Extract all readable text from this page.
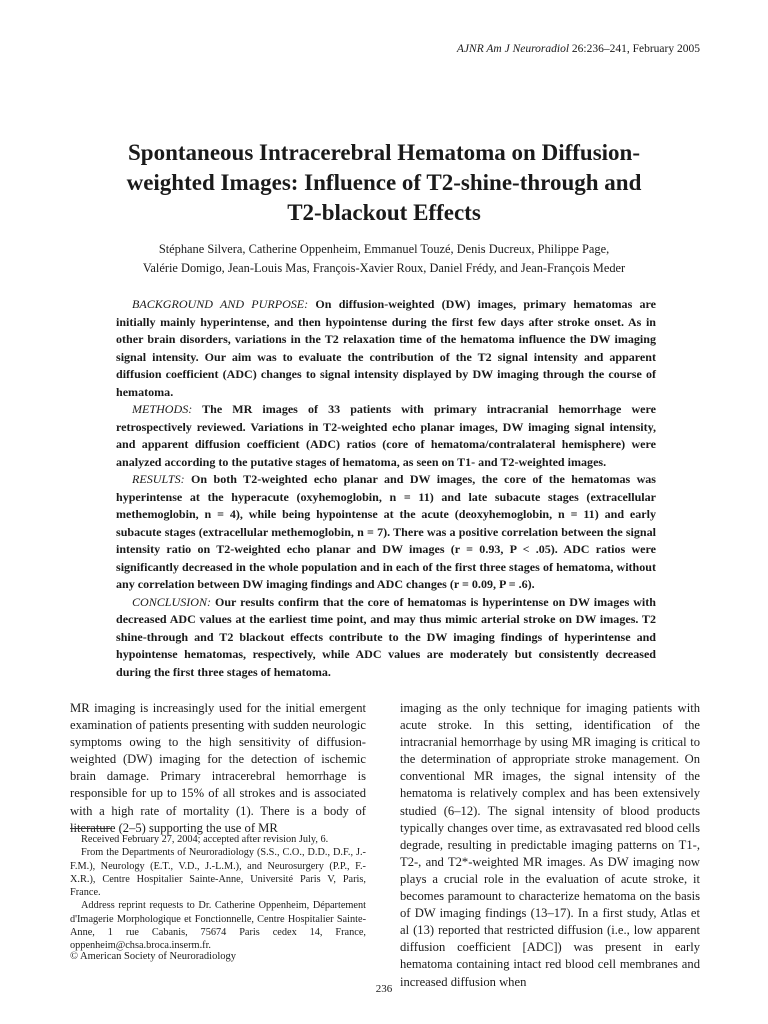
AJNR Am J Neuroradiol 26:236–241, February 2005
Spontaneous Intracerebral Hematoma on Diffusion-weighted Images: Influence of T2-shine-through and T2-blackout Effects
Stéphane Silvera, Catherine Oppenheim, Emmanuel Touzé, Denis Ducreux, Philippe Page,
Valérie Domigo, Jean-Louis Mas, François-Xavier Roux, Daniel Frédy, and Jean-François Meder

BACKGROUND AND PURPOSE: On diffusion-weighted (DW) images, primary hematomas are initially mainly hyperintense, and then hypointense during the first few days after stroke onset. As in other brain disorders, variations in the T2 relaxation time of the hematoma influence the DW imaging signal intensity. Our aim was to evaluate the contribution of the T2 signal intensity and apparent diffusion coefficient (ADC) changes to signal intensity displayed by DW imaging through the course of hematoma.

METHODS: The MR images of 33 patients with primary intracranial hemorrhage were retrospectively reviewed. Variations in T2-weighted echo planar images, DW imaging signal intensity, and apparent diffusion coefficient (ADC) ratios (core of hematoma/contralateral hemisphere) were analyzed according to the putative stages of hematoma, as seen on T1- and T2-weighted images.

RESULTS: On both T2-weighted echo planar and DW images, the core of the hematomas was hyperintense at the hyperacute (oxyhemoglobin, n = 11) and late subacute stages (extracellular methemoglobin, n = 4), while being hypointense at the acute (deoxyhemoglobin, n = 11) and early subacute stages (extracellular methemoglobin, n = 7). There was a positive correlation between the signal intensity ratio on T2-weighted echo planar and DW images (r = 0.93, P < .05). ADC ratios were significantly decreased in the whole population and in each of the first three stages of hematoma, without any correlation between DW imaging findings and ADC changes (r = 0.09, P = .6).

CONCLUSION: Our results confirm that the core of hematomas is hyperintense on DW images with decreased ADC values at the earliest time point, and may thus mimic arterial stroke on DW images. T2 shine-through and T2 blackout effects contribute to the DW imaging findings of hyperintense and hypointense hematomas, respectively, while ADC values are moderately but consistently decreased during the first three stages of hematoma.

MR imaging is increasingly used for the initial emergent examination of patients presenting with sudden neurologic symptoms owing to the high sensitivity of diffusion-weighted (DW) imaging for the detection of ischemic brain damage. Primary intracerebral hemorrhage is responsible for up to 15% of all strokes and is associated with a high rate of mortality (1). There is a body of literature (2–5) supporting the use of MR

Received February 27, 2004; accepted after revision July, 6.

From the Departments of Neuroradiology (S.S., C.O., D.D., D.F., J.-F.M.), Neurology (E.T., V.D., J.-L.M.), and Neurosurgery (P.P., F.-X.R.), Centre Hospitalier Sainte-Anne, Université Paris V, Paris, France.

Address reprint requests to Dr. Catherine Oppenheim, Département d'Imagerie Morphologique et Fonctionnelle, Centre Hospitalier Sainte-Anne, 1 rue Cabanis, 75674 Paris cedex 14, France, oppenheim@chsa.broca.inserm.fr.

© American Society of Neuroradiology

imaging as the only technique for imaging patients with acute stroke. In this setting, identification of the intracranial hemorrhage by using MR imaging is critical to the determination of appropriate stroke management. On conventional MR images, the signal intensity of the hematoma is relatively complex and has been extensively studied (6–12). The signal intensity of blood products typically changes over time, as extravasated red blood cells degrade, resulting in predictable imaging patterns on T1-, T2-, and T2*-weighted MR images. As DW imaging now plays a crucial role in the evaluation of acute stroke, it becomes paramount to characterize hematoma on the basis of DW imaging findings (13–17). In a first study, Atlas et al (13) reported that restricted diffusion (i.e., low apparent diffusion coefficient [ADC]) was present in early hematoma containing intact red blood cell membranes and increased diffusion when

236
